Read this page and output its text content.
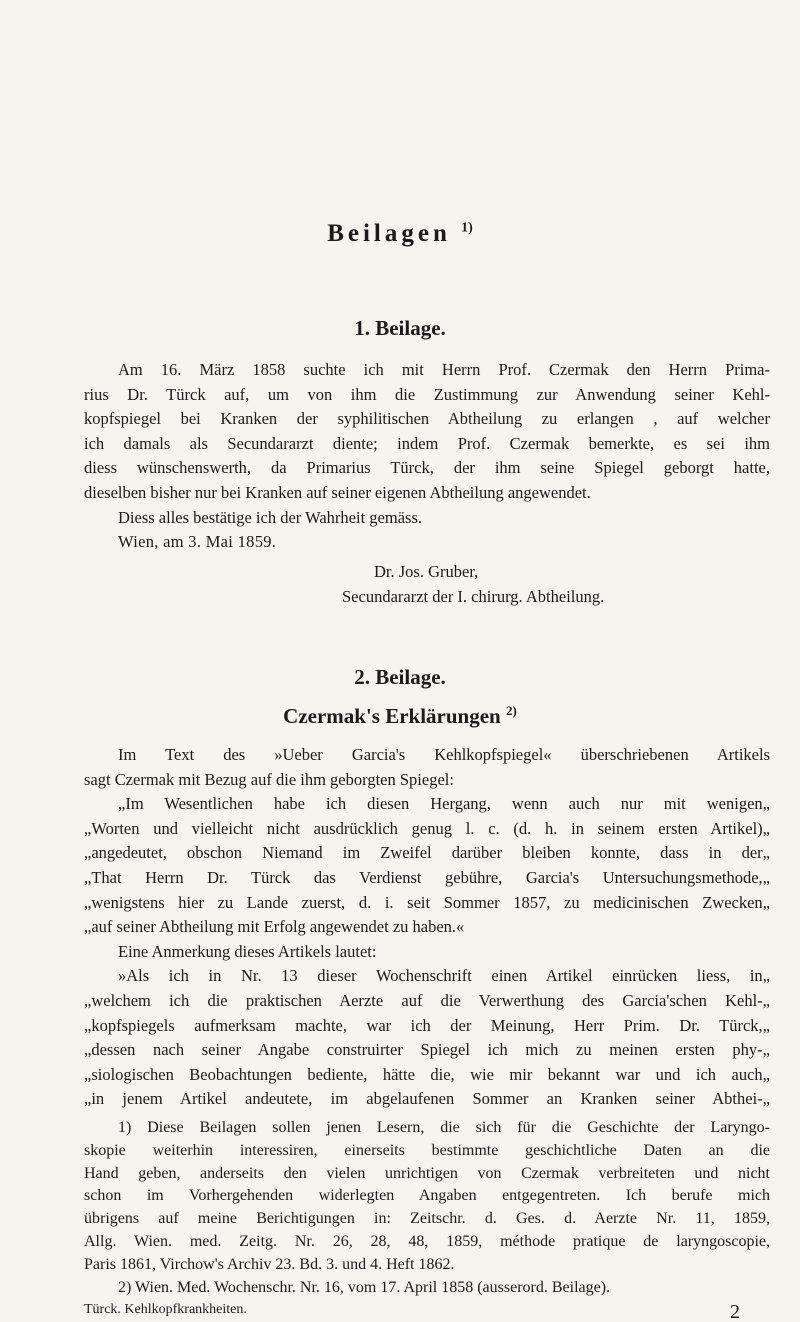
Beilagen $^{1)}$
1. Beilage.
Am 16. März 1858 suchte ich mit Herrn Prof. Czermak den Herrn Prima-
rius Dr. Türck auf, um von ihm die Zustimmung zur Anwendung seiner Kehl-
kopfspiegel bei Kranken der syphilitischen Abtheilung zu erlangen , auf welcher
ich damals als Secundararzt diente; indem Prof. Czermak bemerkte, es sei ihm
diess wünschenswerth, da Primarius Türck, der ihm seine Spiegel geborgt hatte,
dieselben bisher nur bei Kranken auf seiner eigenen Abtheilung angewendet.
Diess alles bestätige ich der Wahrheit gemäss.
Wien, am 3. Mai 1859.
Dr. Jos. Gruber,
Secundararzt der I. chirurg. Abtheilung.
2. Beilage.
Czermak's Erklärungen $^{2)}$
Im Text des »Ueber Garcia's Kehlkopfspiegel« überschriebenen Artikels
sagt Czermak mit Bezug auf die ihm geborgten Spiegel:
„Im Wesentlichen habe ich diesen Hergang, wenn auch nur mit wenigen„
„Worten und vielleicht nicht ausdrücklich genug l. c. (d. h. in seinem ersten Artikel)„
„angedeutet, obschon Niemand im Zweifel darüber bleiben konnte, dass in der„
„That Herrn Dr. Türck das Verdienst gebühre, Garcia's Untersuchungsmethode,„
„wenigstens hier zu Lande zuerst, d. i. seit Sommer 1857, zu medicinischen Zwecken„
„auf seiner Abtheilung mit Erfolg angewendet zu haben.«
Eine Anmerkung dieses Artikels lautet:
»Als ich in Nr. 13 dieser Wochenschrift einen Artikel einrücken liess, in„
„welchem ich die praktischen Aerzte auf die Verwerthung des Garcia'schen Kehl-„
„kopfspiegels aufmerksam machte, war ich der Meinung, Herr Prim. Dr. Türck,„
„dessen nach seiner Angabe construirter Spiegel ich mich zu meinen ersten phy-„
„siologischen Beobachtungen bediente, hätte die, wie mir bekannt war und ich auch„
„in jenem Artikel andeutete, im abgelaufenen Sommer an Kranken seiner Abthei-„
1) Diese Beilagen sollen jenen Lesern, die sich für die Geschichte der Laryngo-
skopie weiterhin interessiren, einerseits bestimmte geschichtliche Daten an die
Hand geben, anderseits den vielen unrichtigen von Czermak verbreiteten und nicht
schon im Vorhergehenden widerlegten Angaben entgegentreten. Ich berufe mich
übrigens auf meine Berichtigungen in: Zeitschr. d. Ges. d. Aerzte Nr. 11, 1859,
Allg. Wien. med. Zeitg. Nr. 26, 28, 48, 1859, méthode pratique de laryngoscopie,
Paris 1861, Virchow's Archiv 23. Bd. 3. und 4. Heft 1862.
2) Wien. Med. Wochenschr. Nr. 16, vom 17. April 1858 (ausserord. Beilage).
Türck. Kehlkopfkrankheiten.	2
